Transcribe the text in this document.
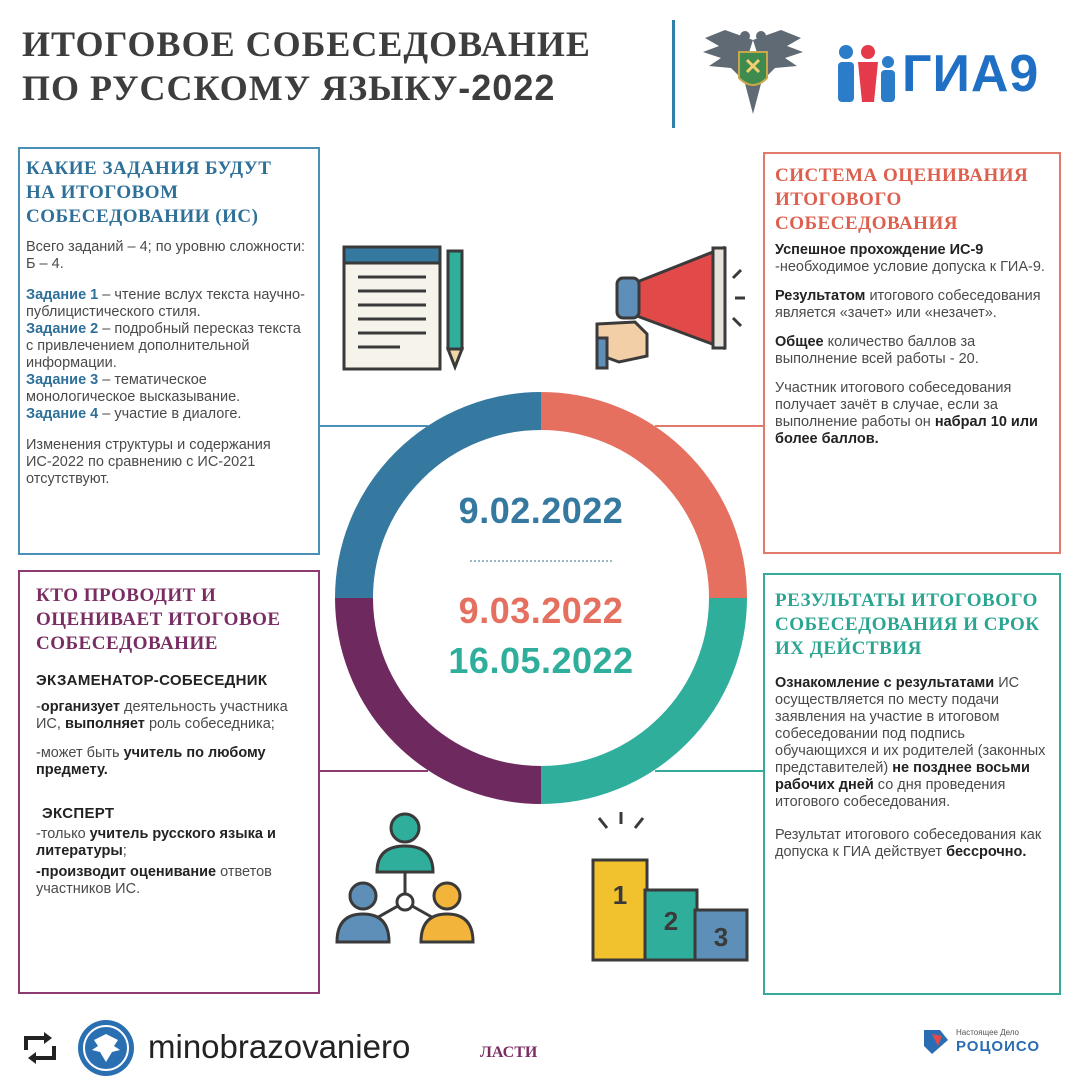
ИТОГОВОЕ СОБЕСЕДОВАНИЕ
ПО РУССКОМУ ЯЗЫКУ-2022	ГИА9
9.02.2022
9.03.2022
16.05.2022
КАКИЕ ЗАДАНИЯ БУДУТ НА ИТОГОВОМ СОБЕСЕДОВАНИИ (ИС)
Всего заданий – 4; по уровню сложности: Б – 4.
Задание 1 – чтение вслух текста научно-публицистического стиля.
Задание 2 – подробный пересказ текста с привлечением дополнительной информации.
Задание 3 – тематическое монологическое высказывание.
Задание 4 – участие в диалоге.
Изменения структуры и содержания ИС-2022 по сравнению с ИС-2021 отсутствуют.
СИСТЕМА ОЦЕНИВАНИЯ ИТОГОВОГО СОБЕСЕДОВАНИЯ
Успешное прохождение ИС-9 -необходимое условие допуска к ГИА-9.
Результатом итогового собеседования является «зачет» или «незачет».
Общее количество баллов за выполнение всей работы - 20.
Участник итогового собеседования получает зачёт в случае, если за выполнение работы он набрал 10 или более баллов.
КТО ПРОВОДИТ И ОЦЕНИВАЕТ ИТОГОВОЕ СОБЕСЕДОВАНИЕ
ЭКЗАМЕНАТОР-СОБЕСЕДНИК
-организует деятельность участника ИС, выполняет роль собеседника;
-может быть учитель по любому предмету.
ЭКСПЕРТ
-только учитель русского языка и литературы;
-производит оценивание ответов участников ИС.
РЕЗУЛЬТАТЫ ИТОГОВОГО СОБЕСЕДОВАНИЯ И СРОК ИХ ДЕЙСТВИЯ
Ознакомление с результатами ИС осуществляется по месту подачи заявления на участие в итоговом собеседовании под подпись обучающихся и их родителей (законных представителей) не позднее восьми рабочих дней со дня проведения итогового собеседования.
Результат итогового собеседования как допуска к ГИА действует бессрочно.
1
2
3
minobrazovaniero	ЛАСТИ
Настоящее Дело
РОЦОИСО
